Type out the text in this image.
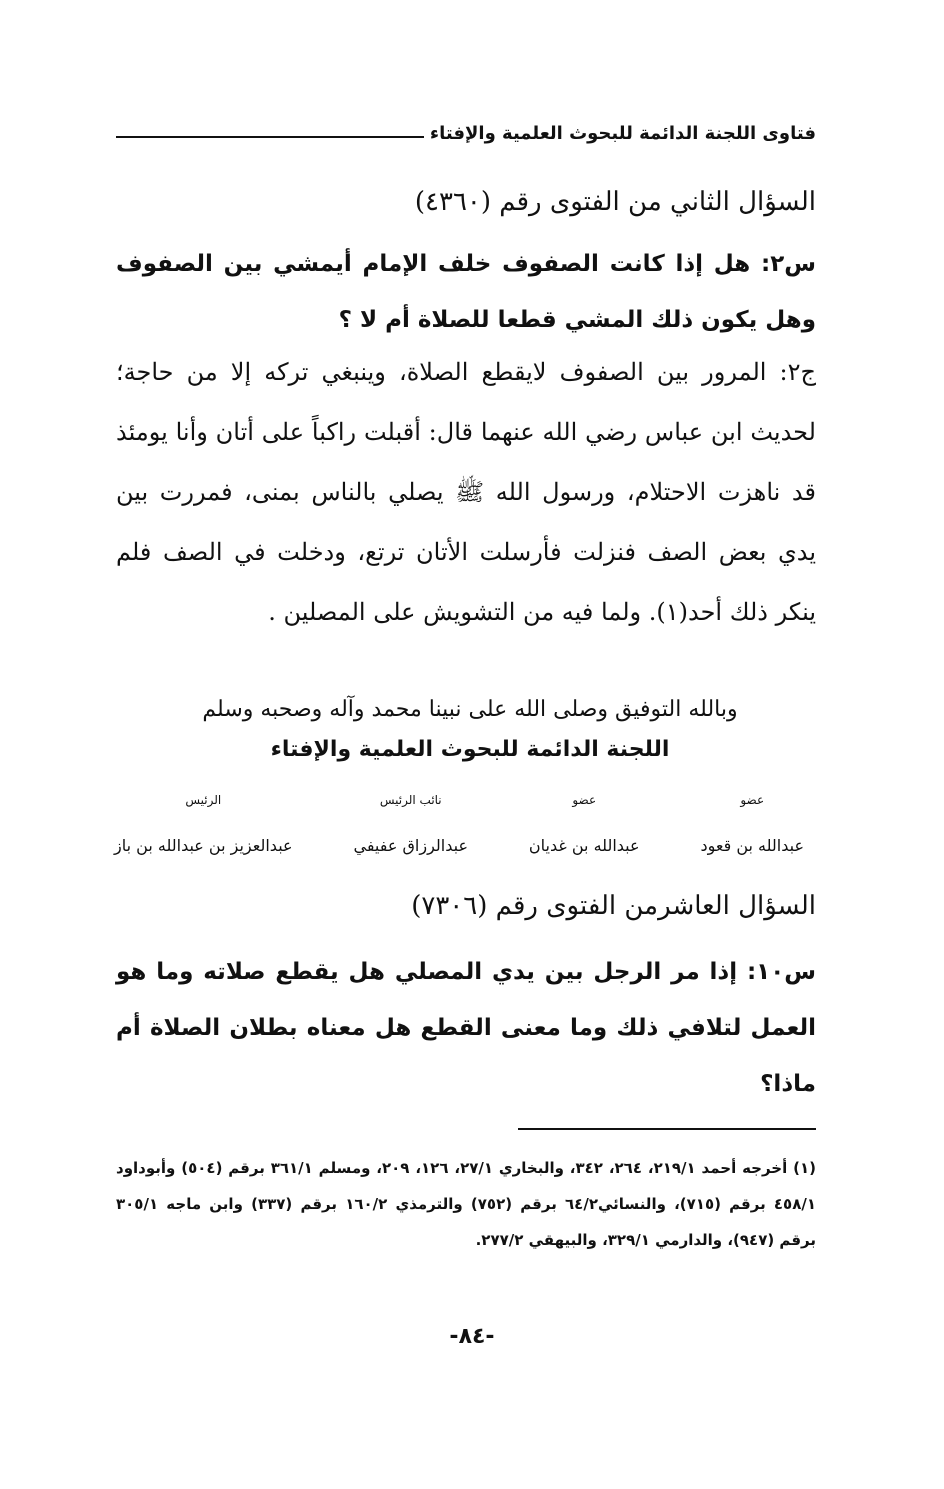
فتاوى اللجنة الدائمة للبحوث العلمية والإفتاء
السؤال الثاني من الفتوى رقم (٤٣٦٠)
س٢: هل إذا كانت الصفوف خلف الإمام أيمشي بين الصفوف وهل يكون ذلك المشي قطعا للصلاة أم لا ؟
ج٢: المرور بين الصفوف لايقطع الصلاة، وينبغي تركه إلا من حاجة؛ لحديث ابن عباس رضي الله عنهما قال: أقبلت راكباً على أتان وأنا يومئذ قد ناهزت الاحتلام، ورسول الله ﷺ يصلي بالناس بمنى، فمررت بين يدي بعض الصف فنزلت فأرسلت الأتان ترتع، ودخلت في الصف فلم ينكر ذلك أحد(١). ولما فيه من التشويش على المصلين .
وبالله التوفيق وصلى الله على نبينا محمد وآله وصحبه وسلم
اللجنة الدائمة للبحوث العلمية والإفتاء
عضو
عبدالله بن قعود
عضو
عبدالله بن غديان
نائب الرئيس
عبدالرزاق عفيفي
الرئيس
عبدالعزيز بن عبدالله بن باز
السؤال العاشرمن الفتوى رقم (٧٣٠٦)
س١٠: إذا مر الرجل بين يدي المصلي هل يقطع صلاته وما هو العمل لتلافي ذلك وما معنى القطع هل معناه بطلان الصلاة أم ماذا؟
(١) أخرجه أحمد ٢١٩/١، ٢٦٤، ٣٤٢، والبخاري ٢٧/١، ١٢٦، ٢٠٩، ومسلم ٣٦١/١ برقم (٥٠٤) وأبوداود ٤٥٨/١ برقم (٧١٥)، والنسائي٦٤/٢ برقم (٧٥٢) والترمذي ١٦٠/٢ برقم (٣٣٧) وابن ماجه ٣٠٥/١ برقم (٩٤٧)، والدارمي ٣٢٩/١، والبيهقي ٢٧٧/٢.
-٨٤-
